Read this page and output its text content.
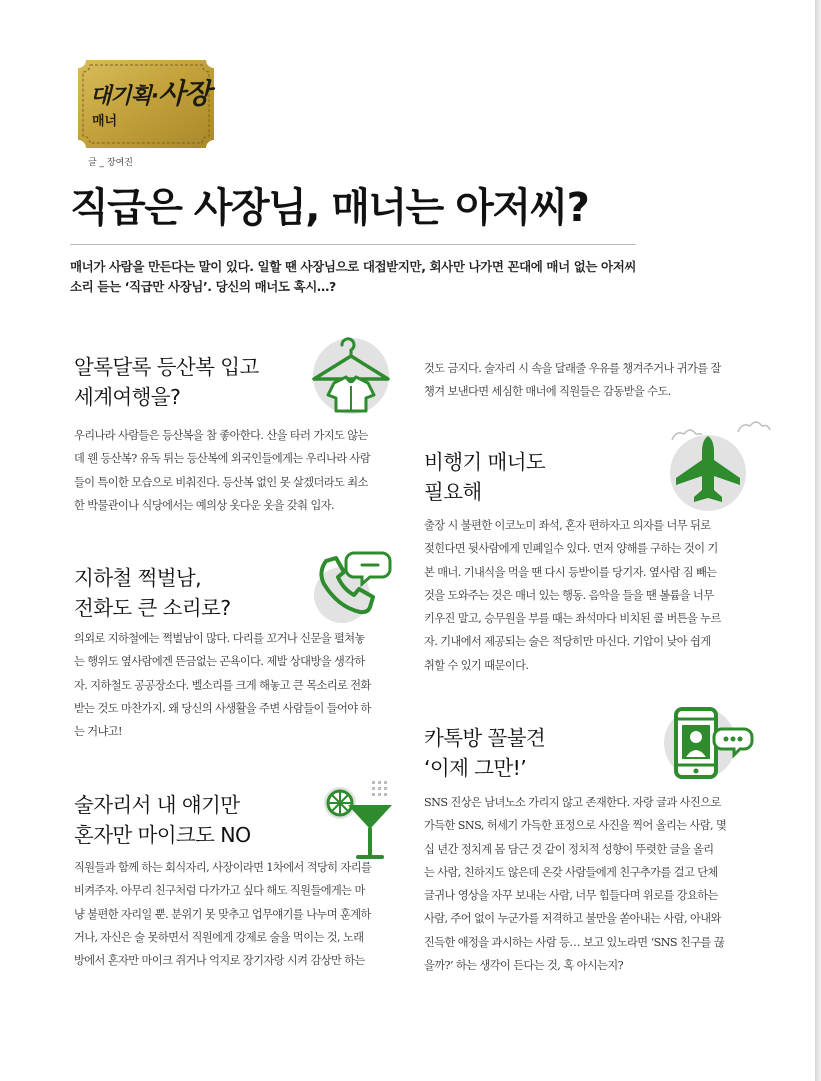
대기획·사장
매너
글 _ 장여진
직급은 사장님, 매너는 아저씨?
매너가 사람을 만든다는 말이 있다. 일할 땐 사장님으로 대접받지만, 회사만 나가면 꼰대에 매너 없는 아저씨
소리 듣는 ‘직급만 사장님’. 당신의 매너도 혹시…?
알록달록 등산복 입고
세계여행을?
우리나라 사람들은 등산복을 참 좋아한다. 산을 타러 가지도 않는
데 웬 등산복? 유독 튀는 등산복에 외국인들에게는 우리나라 사람
들이 특이한 모습으로 비춰진다. 등산복 없인 못 살겠더라도 최소
한 박물관이나 식당에서는 예의상 옷다운 옷을 갖춰 입자.
지하철 쩍벌남,
전화도 큰 소리로?
의외로 지하철에는 쩍벌남이 많다. 다리를 꼬거나 신문을 펼쳐놓
는 행위도 옆사람에겐 뜬금없는 곤욕이다. 제발 상대방을 생각하
자. 지하철도 공공장소다. 벨소리를 크게 해놓고 큰 목소리로 전화
받는 것도 마찬가지. 왜 당신의 사생활을 주변 사람들이 들어야 하
는 거냐고!
술자리서 내 얘기만
혼자만 마이크도 NO
직원들과 함께 하는 회식자리, 사장이라면 1차에서 적당히 자리를
비켜주자. 아무리 친구처럼 다가가고 싶다 해도 직원들에게는 마
냥 불편한 자리일 뿐. 분위기 못 맞추고 업무얘기를 나누며 훈계하
거나, 자신은 술 못하면서 직원에게 강제로 술을 먹이는 것, 노래
방에서 혼자만 마이크 쥐거나 억지로 장기자랑 시켜 감상만 하는
것도 금지다. 술자리 시 속을 달래줄 우유를 챙겨주거나 귀가를 잘
챙겨 보낸다면 세심한 매너에 직원들은 감동받을 수도.
비행기 매너도
필요해
출장 시 불편한 이코노미 좌석, 혼자 편하자고 의자를 너무 뒤로
젖힌다면 뒷사람에게 민폐일수 있다. 먼저 양해를 구하는 것이 기
본 매너. 기내식을 먹을 땐 다시 등받이를 당기자. 옆사람 짐 빼는
것을 도와주는 것은 매너 있는 행동. 음악을 들을 땐 볼륨을 너무
키우진 말고, 승무원을 부를 때는 좌석마다 비치된 콜 버튼을 누르
자. 기내에서 제공되는 술은 적당히만 마신다. 기압이 낮아 쉽게
취할 수 있기 때문이다.
카톡방 꼴불견
‘이제 그만!’
SNS 진상은 남녀노소 가리지 않고 존재한다. 자랑 글과 사진으로
가득한 SNS, 허세기 가득한 표정으로 사진을 찍어 올리는 사람, 몇
십 년간 정치계 몸 담근 것 같이 정치적 성향이 뚜렷한 글을 올리
는 사람, 친하지도 않은데 온갖 사람들에게 친구추가를 걸고 단체
글귀나 영상을 자꾸 보내는 사람, 너무 힘들다며 위로를 강요하는
사람, 주어 없이 누군가를 저격하고 불만을 쏟아내는 사람, 아내와
진득한 애정을 과시하는 사람 등… 보고 있노라면 ‘SNS 친구를 끊
을까?’ 하는 생각이 든다는 것, 혹 아시는지?
